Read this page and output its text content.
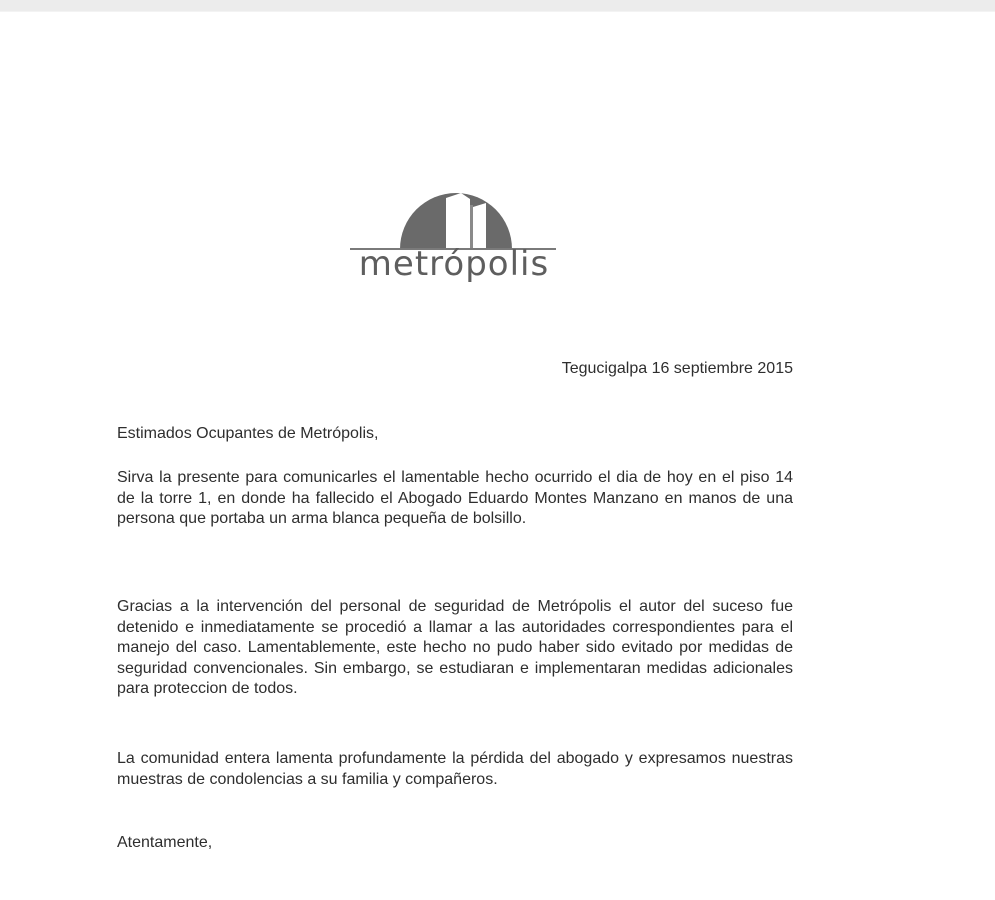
metrópolis
Tegucigalpa 16 septiembre 2015
Estimados Ocupantes de Metrópolis,

Sirva la presente para comunicarles el lamentable hecho ocurrido el dia de hoy en el piso 14 de la torre 1, en donde ha fallecido el Abogado Eduardo Montes Manzano en manos de una persona que portaba un arma blanca pequeña de bolsillo.

Gracias a la intervención del personal de seguridad de Metrópolis el autor del suceso fue detenido e inmediatamente se procedió a llamar a las autoridades correspondientes para el manejo del caso. Lamentablemente, este hecho no pudo haber sido evitado por medidas de seguridad convencionales. Sin embargo, se estudiaran e implementaran medidas adicionales para proteccion de todos.

La comunidad entera lamenta profundamente la pérdida del abogado y expresamos nuestras muestras de condolencias a su familia y compañeros.

Atentamente,
